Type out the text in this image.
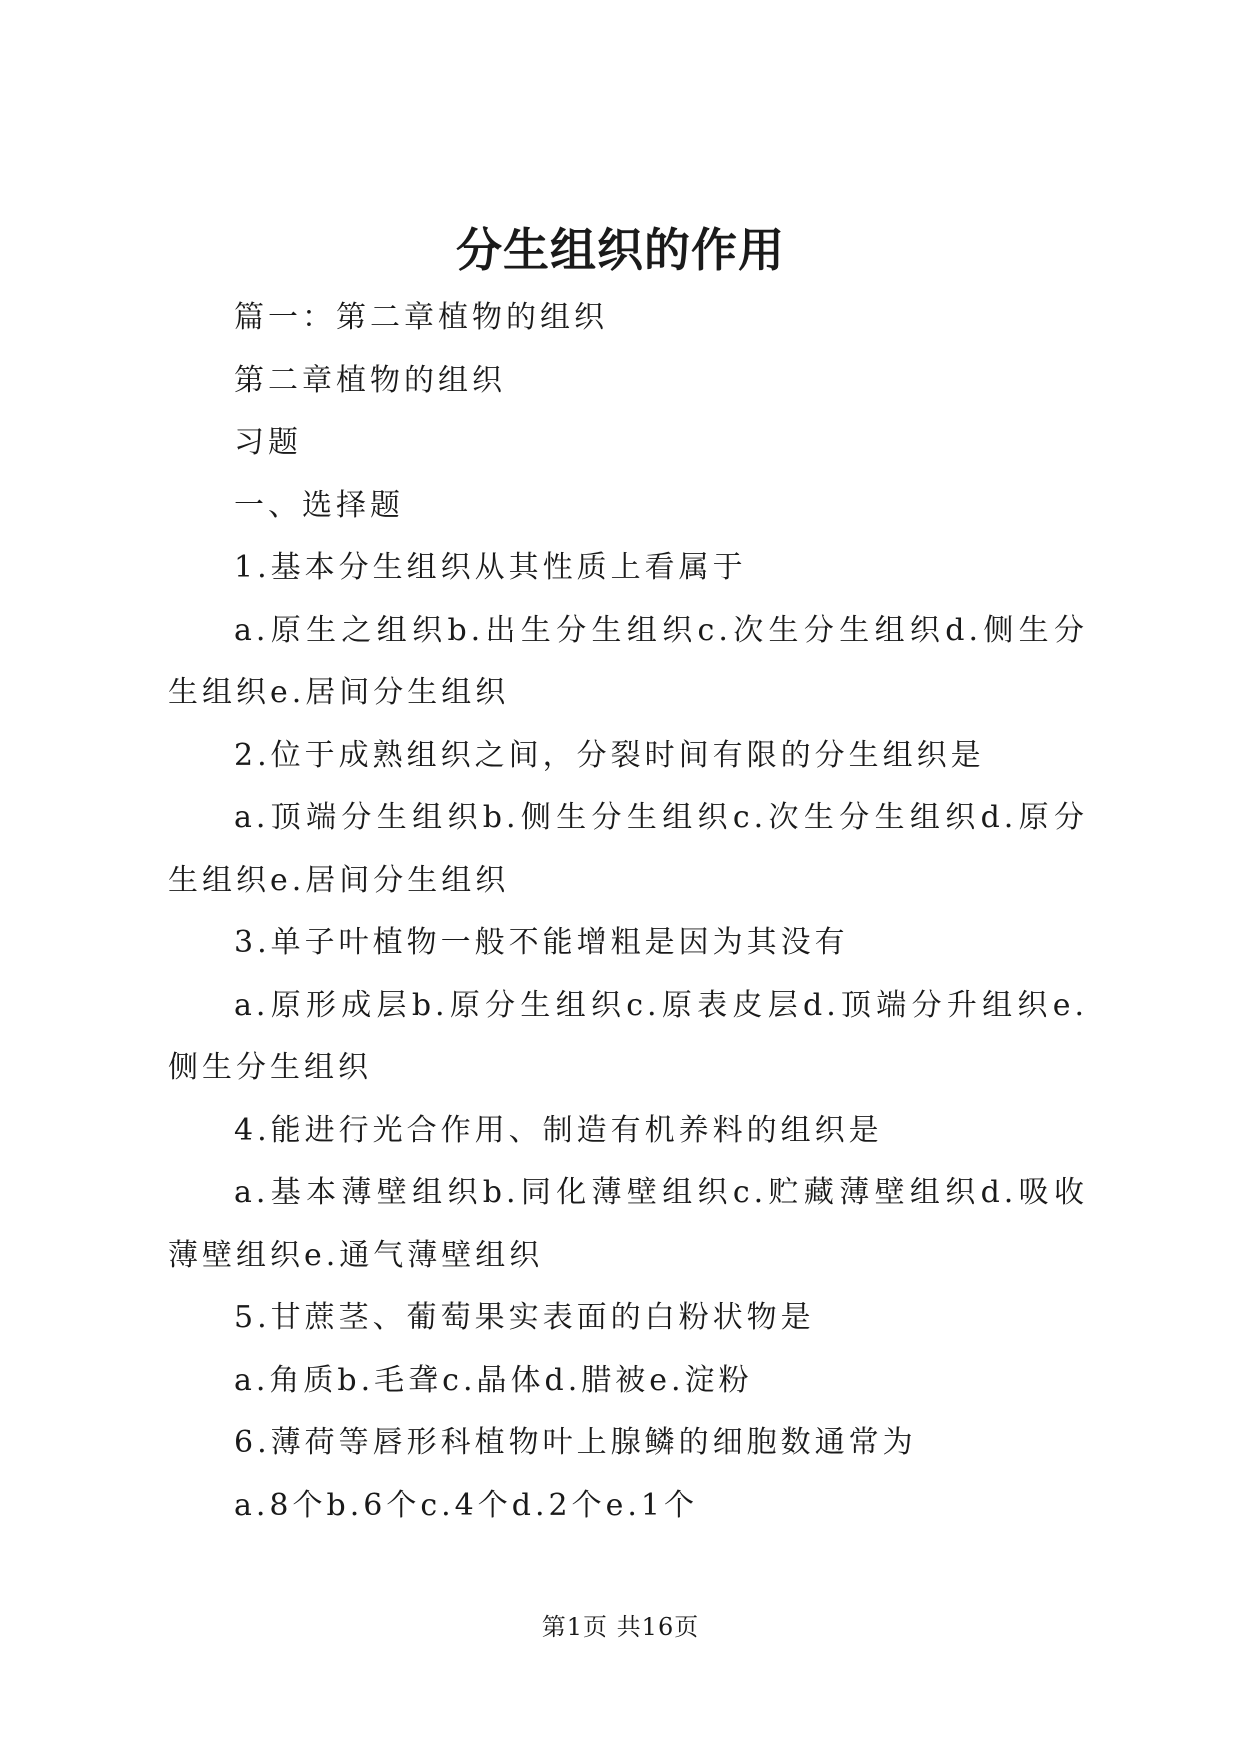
分生组织的作用

篇一：第二章植物的组织

第二章植物的组织

习题

一、选择题

1.基本分生组织从其性质上看属于

a.原生之组织b.出生分生组织c.次生分生组织d.侧生分生组织e.居间分生组织

2.位于成熟组织之间，分裂时间有限的分生组织是

a.顶端分生组织b.侧生分生组织c.次生分生组织d.原分生组织e.居间分生组织

3.单子叶植物一般不能增粗是因为其没有

a.原形成层b.原分生组织c.原表皮层d.顶端分升组织e.侧生分生组织

4.能进行光合作用、制造有机养料的组织是

a.基本薄壁组织b.同化薄壁组织c.贮藏薄壁组织d.吸收薄壁组织e.通气薄壁组织

5.甘蔗茎、葡萄果实表面的白粉状物是

a.角质b.毛聋c.晶体d.腊被e.淀粉

6.薄荷等唇形科植物叶上腺鳞的细胞数通常为

a.8个b.6个c.4个d.2个e.1个

第1页 共16页
